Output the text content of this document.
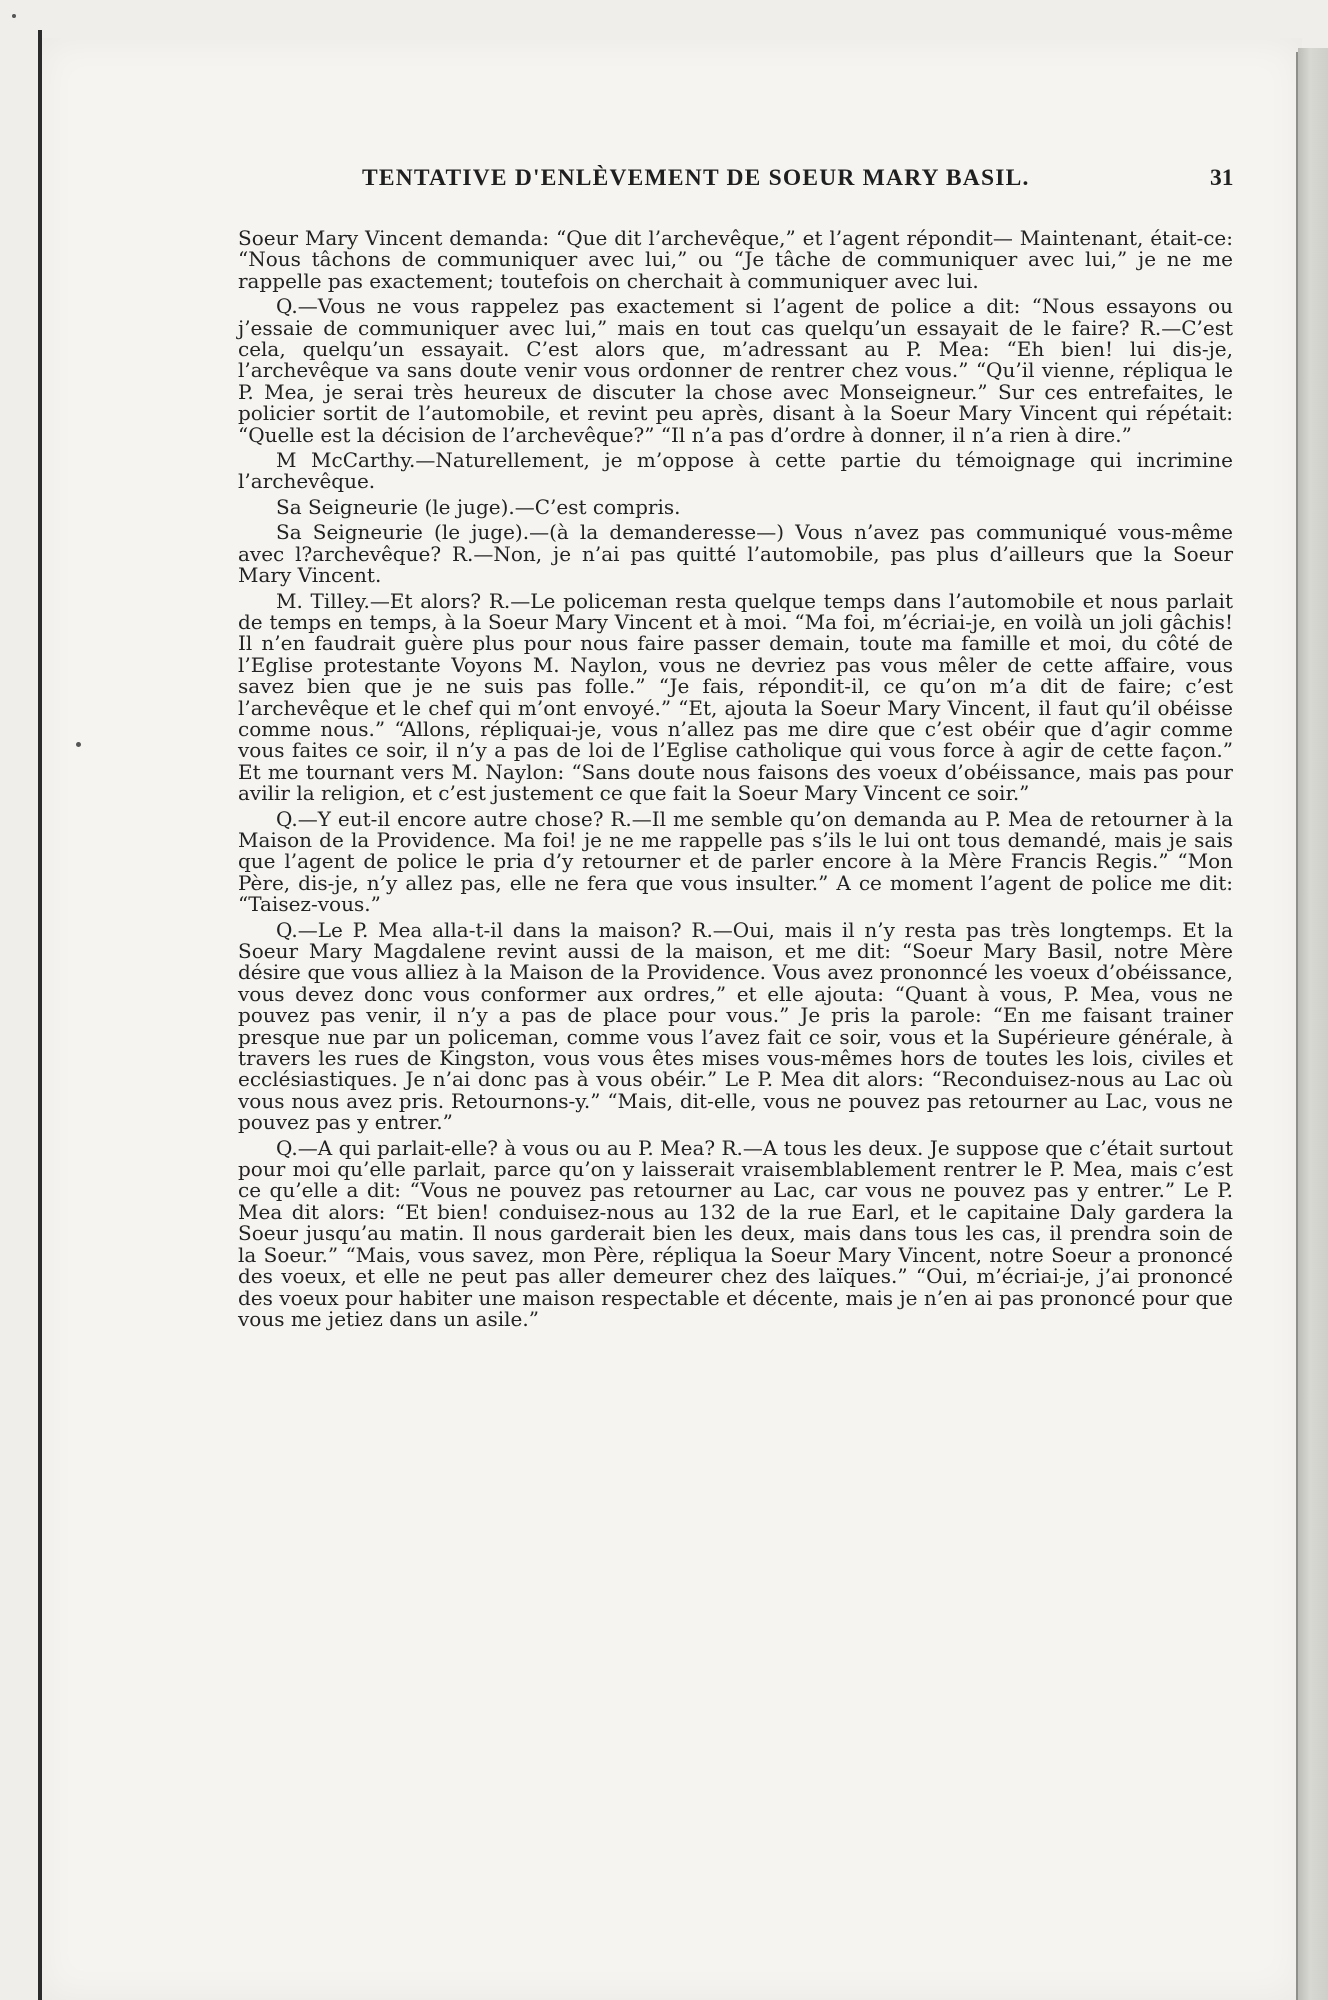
TENTATIVE D'ENLÈVEMENT DE SOEUR MARY BASIL.	31

Soeur Mary Vincent demanda: “Que dit l’archevêque,” et l’agent répondit— Maintenant, était-ce: “Nous tâchons de communiquer avec lui,” ou “Je tâche de communiquer avec lui,” je ne me rappelle pas exactement; toutefois on cherchait à communiquer avec lui.

Q.—Vous ne vous rappelez pas exactement si l’agent de police a dit: “Nous essayons ou j’essaie de communiquer avec lui,” mais en tout cas quelqu’un essayait de le faire? R.—C’est cela, quelqu’un essayait. C’est alors que, m’adressant au P. Mea: “Eh bien! lui dis-je, l’archevêque va sans doute venir vous ordonner de rentrer chez vous.” “Qu’il vienne, répliqua le P. Mea, je serai très heureux de discuter la chose avec Monseigneur.” Sur ces entrefaites, le policier sortit de l’automobile, et revint peu après, disant à la Soeur Mary Vincent qui répétait: “Quelle est la décision de l’archevêque?” “Il n’a pas d’ordre à donner, il n’a rien à dire.”

M McCarthy.—Naturellement, je m’oppose à cette partie du témoignage qui incrimine l’archevêque.

Sa Seigneurie (le juge).—C’est compris.

Sa Seigneurie (le juge).—(à la demanderesse—) Vous n’avez pas communiqué vous-même avec l?archevêque? R.—Non, je n’ai pas quitté l’automobile, pas plus d’ailleurs que la Soeur Mary Vincent.

M. Tilley.—Et alors? R.—Le policeman resta quelque temps dans l’automobile et nous parlait de temps en temps, à la Soeur Mary Vincent et à moi. “Ma foi, m’écriai-je, en voilà un joli gâchis! Il n’en faudrait guère plus pour nous faire passer demain, toute ma famille et moi, du côté de l’Eglise protestante Voyons M. Naylon, vous ne devriez pas vous mêler de cette affaire, vous savez bien que je ne suis pas folle.” “Je fais, répondit-il, ce qu’on m’a dit de faire; c’est l’archevêque et le chef qui m’ont envoyé.” “Et, ajouta la Soeur Mary Vincent, il faut qu’il obéisse comme nous.” “Allons, répliquai-je, vous n’allez pas me dire que c’est obéir que d’agir comme vous faites ce soir, il n’y a pas de loi de l’Eglise catholique qui vous force à agir de cette façon.” Et me tournant vers M. Naylon: “Sans doute nous faisons des voeux d’obéissance, mais pas pour avilir la religion, et c’est justement ce que fait la Soeur Mary Vincent ce soir.”

Q.—Y eut-il encore autre chose? R.—Il me semble qu’on demanda au P. Mea de retourner à la Maison de la Providence. Ma foi! je ne me rappelle pas s’ils le lui ont tous demandé, mais je sais que l’agent de police le pria d’y retourner et de parler encore à la Mère Francis Regis.” “Mon Père, dis-je, n’y allez pas, elle ne fera que vous insulter.” A ce moment l’agent de police me dit: “Taisez-vous.”

Q.—Le P. Mea alla-t-il dans la maison? R.—Oui, mais il n’y resta pas très longtemps. Et la Soeur Mary Magdalene revint aussi de la maison, et me dit: “Soeur Mary Basil, notre Mère désire que vous alliez à la Maison de la Providence. Vous avez prononncé les voeux d’obéissance, vous devez donc vous conformer aux ordres,” et elle ajouta: “Quant à vous, P. Mea, vous ne pouvez pas venir, il n’y a pas de place pour vous.” Je pris la parole: “En me faisant trainer presque nue par un policeman, comme vous l’avez fait ce soir, vous et la Supérieure générale, à travers les rues de Kingston, vous vous êtes mises vous-mêmes hors de toutes les lois, civiles et ecclésiastiques. Je n’ai donc pas à vous obéir.” Le P. Mea dit alors: “Reconduisez-nous au Lac où vous nous avez pris. Retournons-y.” “Mais, dit-elle, vous ne pouvez pas retourner au Lac, vous ne pouvez pas y entrer.”

Q.—A qui parlait-elle? à vous ou au P. Mea? R.—A tous les deux. Je suppose que c’était surtout pour moi qu’elle parlait, parce qu’on y laisserait vraisemblablement rentrer le P. Mea, mais c’est ce qu’elle a dit: “Vous ne pouvez pas retourner au Lac, car vous ne pouvez pas y entrer.” Le P. Mea dit alors: “Et bien! conduisez-nous au 132 de la rue Earl, et le capitaine Daly gardera la Soeur jusqu’au matin. Il nous garderait bien les deux, mais dans tous les cas, il prendra soin de la Soeur.” “Mais, vous savez, mon Père, répliqua la Soeur Mary Vincent, notre Soeur a prononcé des voeux, et elle ne peut pas aller demeurer chez des laïques.” “Oui, m’écriai-je, j’ai prononcé des voeux pour habiter une maison respectable et décente, mais je n’en ai pas prononcé pour que vous me jetiez dans un asile.”
